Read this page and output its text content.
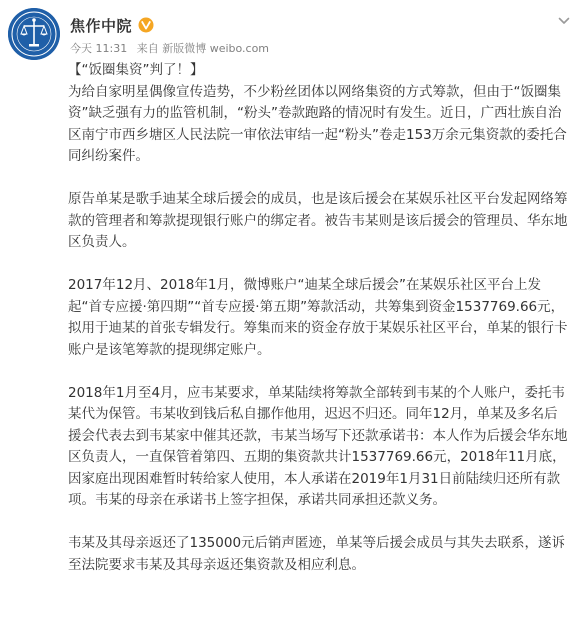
焦作中院
今天 11:31 来自 新版微博 weibo.com

【“饭圈集资”判了！】

为给自家明星偶像宣传造势，不少粉丝团体以网络集资的方式筹款，但由于“饭圈集资”缺乏强有力的监管机制，“粉头”卷款跑路的情况时有发生。近日，广西壮族自治区南宁市西乡塘区人民法院一审依法审结一起“粉头”卷走153万余元集资款的委托合同纠纷案件。

原告单某是歌手迪某全球后援会的成员，也是该后援会在某娱乐社区平台发起网络筹款的管理者和筹款提现银行账户的绑定者。被告韦某则是该后援会的管理员、华东地区负责人。

2017年12月、2018年1月，微博账户“迪某全球后援会”在某娱乐社区平台上发起“首专应援·第四期”“首专应援·第五期”筹款活动，共筹集到资金1537769.66元，拟用于迪某的首张专辑发行。筹集而来的资金存放于某娱乐社区平台，单某的银行卡账户是该笔筹款的提现绑定账户。

2018年1月至4月，应韦某要求，单某陆续将筹款全部转到韦某的个人账户，委托韦某代为保管。韦某收到钱后私自挪作他用，迟迟不归还。同年12月，单某及多名后援会代表去到韦某家中催其还款，韦某当场写下还款承诺书：本人作为后援会华东地区负责人，一直保管着第四、五期的集资款共计1537769.66元，2018年11月底，因家庭出现困难暂时转给家人使用，本人承诺在2019年1月31日前陆续归还所有款项。韦某的母亲在承诺书上签字担保，承诺共同承担还款义务。

韦某及其母亲返还了135000元后销声匿迹，单某等后援会成员与其失去联系，遂诉至法院要求韦某及其母亲返还集资款及相应利息。
